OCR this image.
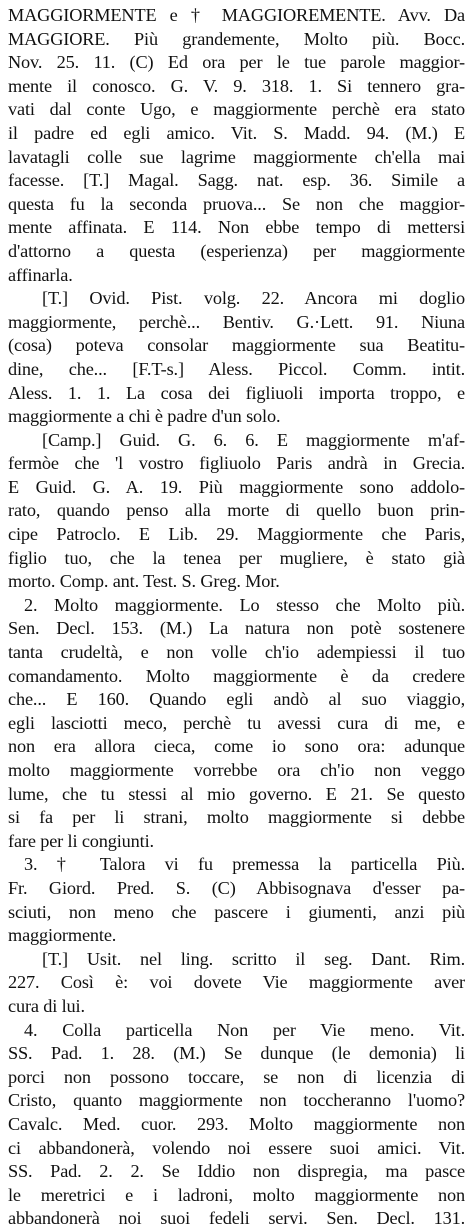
MAGGIORMENTE e † MAGGIOREMENTE. Avv. Da
MAGGIORE. Più grandemente, Molto più. Bocc.
Nov. 25. 11. (C) Ed ora per le tue parole maggior-
mente il conosco. G. V. 9. 318. 1. Si tennero gra-
vati dal conte Ugo, e maggiormente perchè era stato
il padre ed egli amico. Vit. S. Madd. 94. (M.) E
lavatagli colle sue lagrime maggiormente ch'ella mai
facesse. [T.] Magal. Sagg. nat. esp. 36. Simile a
questa fu la seconda pruova... Se non che maggior-
mente affinata. E 114. Non ebbe tempo di mettersi
d'attorno a questa (esperienza) per maggiormente
affinarla.
[T.] Ovid. Pist. volg. 22. Ancora mi doglio
maggiormente, perchè... Bentiv. G.·Lett. 91. Niuna
(cosa) poteva consolar maggiormente sua Beatitu-
dine, che... [F.T-s.] Aless. Piccol. Comm. intit.
Aless. 1. 1. La cosa dei figliuoli importa troppo, e
maggiormente a chi è padre d'un solo.
[Camp.] Guid. G. 6. 6. E maggiormente m'af-
fermòe che 'l vostro figliuolo Paris andrà in Grecia.
E Guid. G. A. 19. Più maggiormente sono addolo-
rato, quando penso alla morte di quello buon prin-
cipe Patroclo. E Lib. 29. Maggiormente che Paris,
figlio tuo, che la tenea per mugliere, è stato già
morto. Comp. ant. Test. S. Greg. Mor.
2. Molto maggiormente. Lo stesso che Molto più.
Sen. Decl. 153. (M.) La natura non potè sostenere
tanta crudeltà, e non volle ch'io adempiessi il tuo
comandamento. Molto maggiormente è da credere
che... E 160. Quando egli andò al suo viaggio,
egli lasciotti meco, perchè tu avessi cura di me, e
non era allora cieca, come io sono ora: adunque
molto maggiormente vorrebbe ora ch'io non veggo
lume, che tu stessi al mio governo. E 21. Se questo
si fa per li strani, molto maggiormente si debbe
fare per li congiunti.
3. † Talora vi fu premessa la particella Più.
Fr. Giord. Pred. S. (C) Abbisognava d'esser pa-
sciuti, non meno che pascere i giumenti, anzi più
maggiormente.
[T.] Usit. nel ling. scritto il seg. Dant. Rim.
227. Così è: voi dovete Vie maggiormente aver
cura di lui.
4. Colla particella Non per Vie meno. Vit.
SS. Pad. 1. 28. (M.) Se dunque (le demonia) li
porci non possono toccare, se non di licenzia di
Cristo, quanto maggiormente non toccheranno l'uomo?
Cavalc. Med. cuor. 293. Molto maggiormente non
ci abbandonerà, volendo noi essere suoi amici. Vit.
SS. Pad. 2. 2. Se Iddio non dispregia, ma pasce
le meretrici e i ladroni, molto maggiormente non
abbandonerà noi suoi fedeli servi. Sen. Decl. 131.
